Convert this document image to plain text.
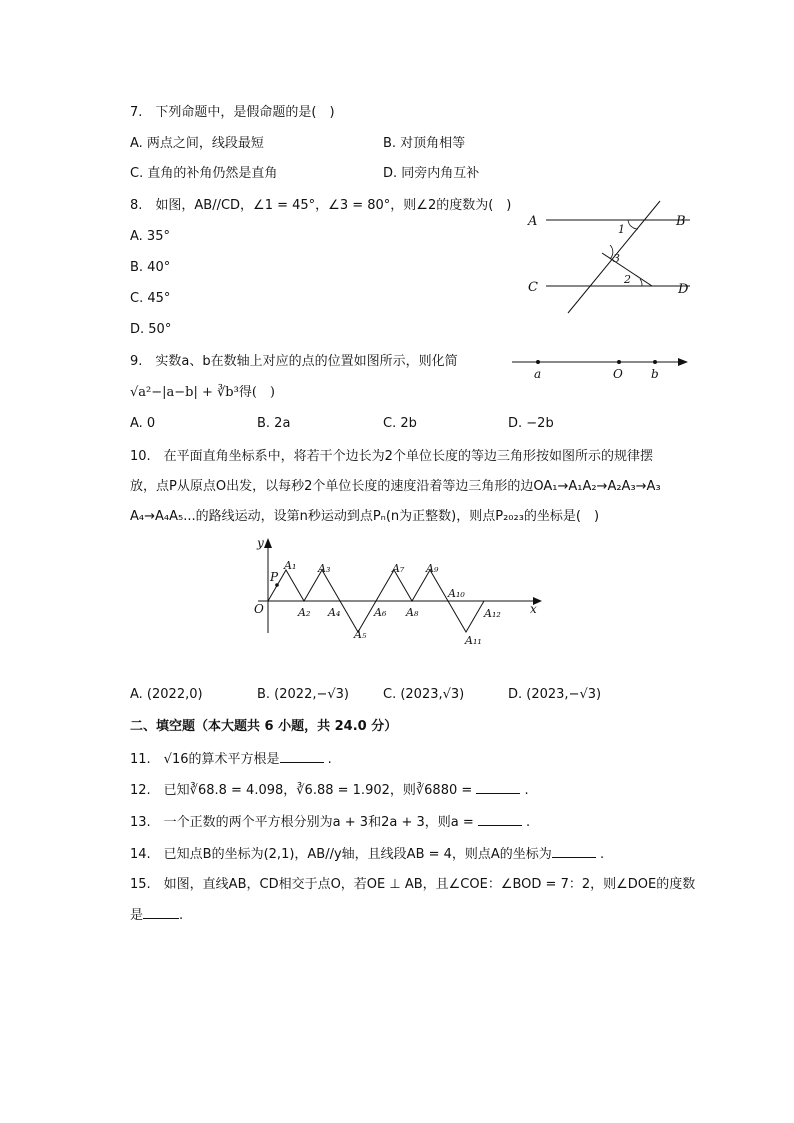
7.　下列命题中，是假命题的是(　)
A. 两点之间，线段最短	B. 对顶角相等
C. 直角的补角仍然是直角	D. 同旁内角互补
8.　如图，AB//CD，∠1 = 45°，∠3 = 80°，则∠2的度数为(　)
A. 35°
B. 40°
C. 45°
D. 50°
A	B
C	D
1
3
2
9.　实数a、b在数轴上对应的点的位置如图所示，则化简
√a²−|a−b| + ∛b³得(　)
A. 0	B. 2a	C. 2b	D. −2b
a	O b
10.　在平面直角坐标系中，将若干个边长为2个单位长度的等边三角形按如图所示的规律摆
放，点P从原点O出发，以每秒2个单位长度的速度沿着等边三角形的边OA₁→A₁A₂→A₂A₃→A₃
A₄→A₄A₅...的路线运动，设第n秒运动到点Pₙ(n为正整数)，则点P₂₀₂₃的坐标是(　)
y
x
O
P
A₁
A₂
A₃
A₄
A₅
A₆
A₇
A₈
A₉
A₁₀
A₁₁
A₁₂
A. (2022,0)	B. (2022,−√3)	C. (2023,√3)	D. (2023,−√3)
二、填空题（本大题共 6 小题，共 24.0 分）
11.　√16的算术平方根是	.
12.　已知∛68.8 = 4.098，∛6.88 = 1.902，则∛6880 =	.
13.　一个正数的两个平方根分别为a + 3和2a + 3，则a =	.
14.　已知点B的坐标为(2,1)，AB//y轴，且线段AB = 4，则点A的坐标为	.
15.　如图，直线AB，CD相交于点O，若OE ⊥ AB，且∠COE：∠BOD = 7：2，则∠DOE的度数
是	.
